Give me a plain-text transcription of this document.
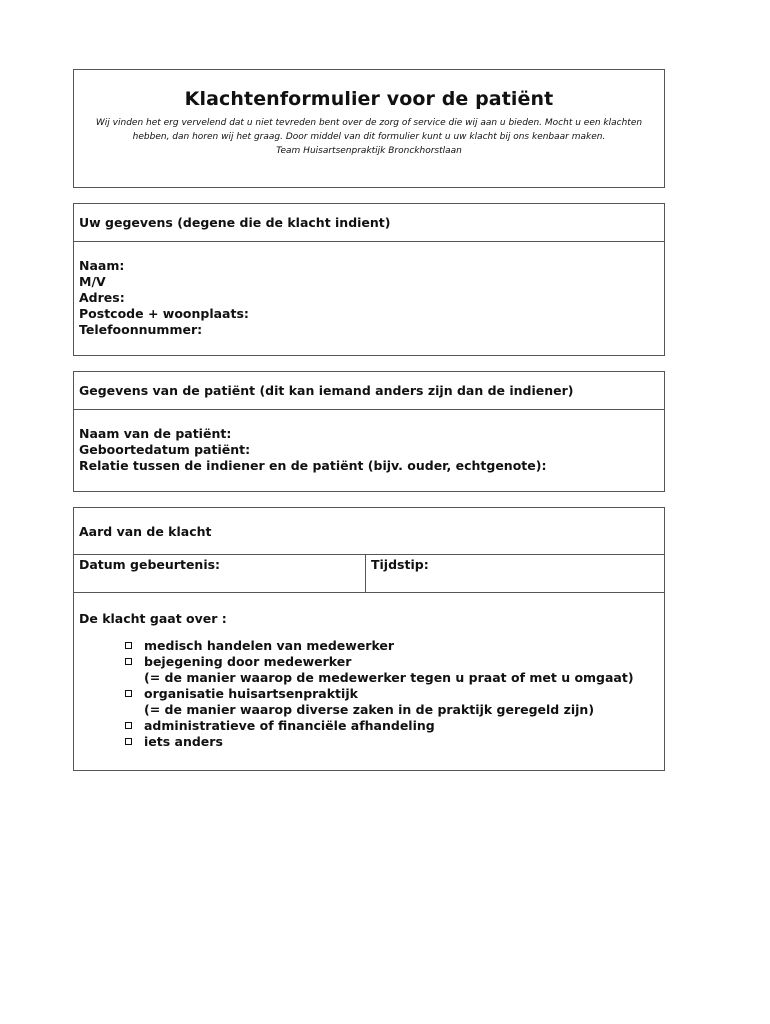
Klachtenformulier voor de patiënt

Wij vinden het erg vervelend dat u niet tevreden bent over de zorg of service die wij aan u bieden. Mocht u een klachten
hebben, dan horen wij het graag. Door middel van dit formulier kunt u uw klacht bij ons kenbaar maken.
Team Huisartsenpraktijk Bronckhorstlaan

Uw gegevens (degene die de klacht indient)
Naam:
M/V
Adres:
Postcode + woonplaats:
Telefoonnummer:
Gegevens van de patiënt (dit kan iemand anders zijn dan de indiener)
Naam van de patiënt:
Geboortedatum patiënt:
Relatie tussen de indiener en de patiënt (bijv. ouder, echtgenote):
Aard van de klacht
Datum gebeurtenis:	Tijdstip:
De klacht gaat over :
medisch handelen van medewerker
bejegening door medewerker
(= de manier waarop de medewerker tegen u praat of met u omgaat)
organisatie huisartsenpraktijk
(= de manier waarop diverse zaken in de praktijk geregeld zijn)
administratieve of financiële afhandeling
iets anders
